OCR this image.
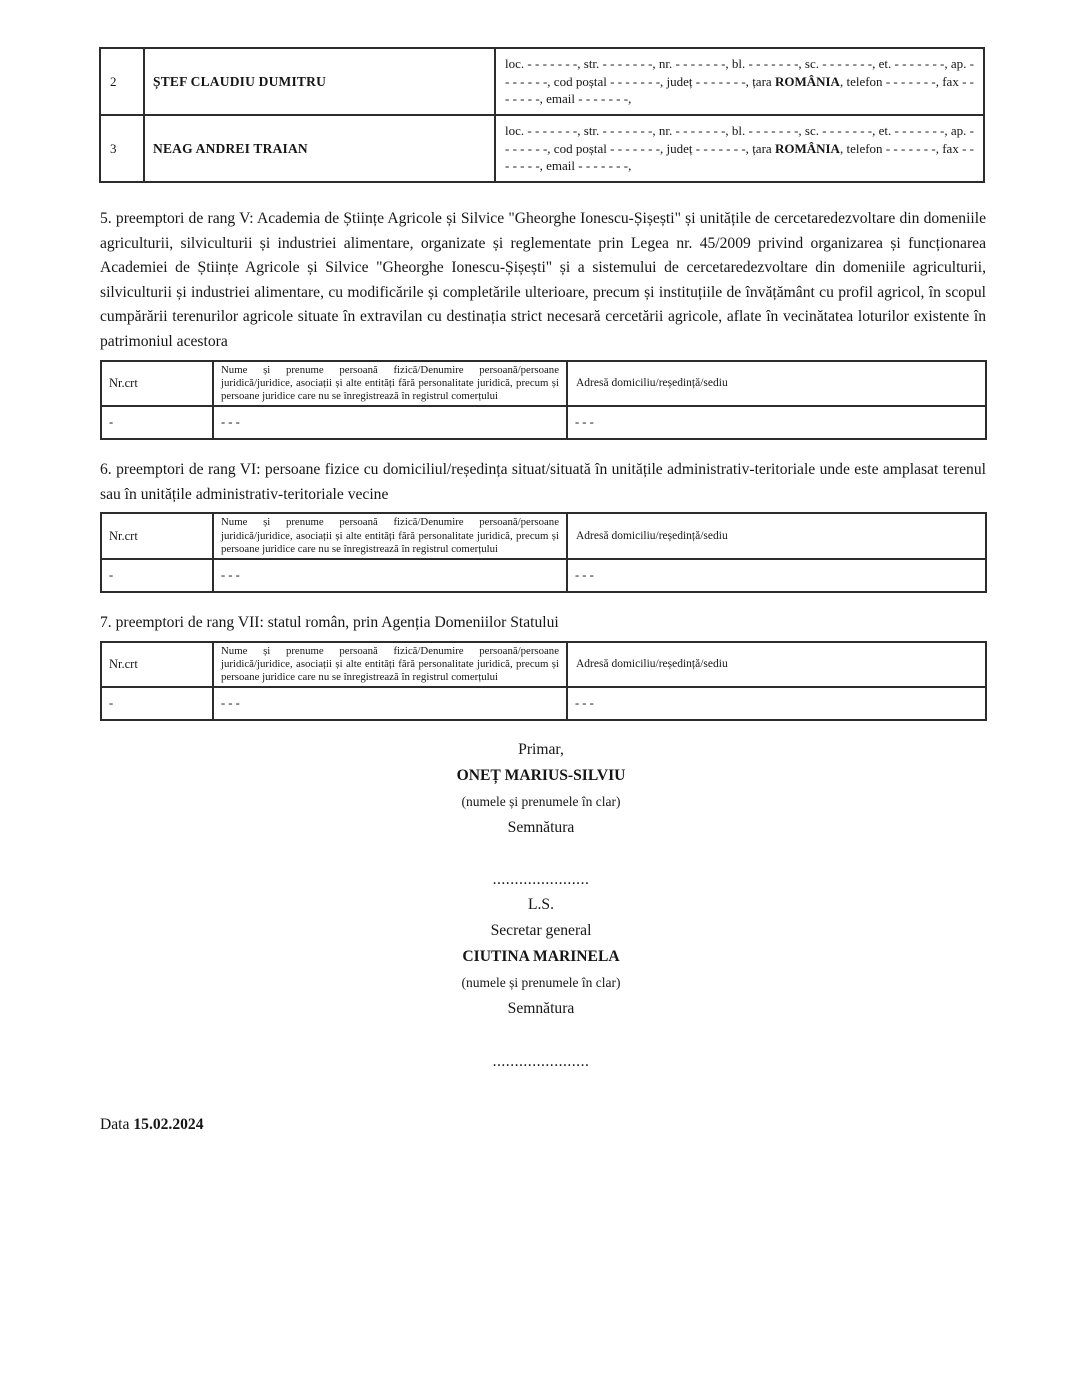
2	ȘTEF CLAUDIU DUMITRU	loc. - - - - - - -, str. - - - - - - -, nr. - - - - - - -, bl. - - - - - - -, sc. - - - - - - -, et. - - - - - - -, ap. - - - - - - -, cod poștal - - - - - - -, județ - - - - - - -, țara ROMÂNIA, telefon - - - - - - -, fax - - - - - - -, email - - - - - - -,
3	NEAG ANDREI TRAIAN	loc. - - - - - - -, str. - - - - - - -, nr. - - - - - - -, bl. - - - - - - -, sc. - - - - - - -, et. - - - - - - -, ap. - - - - - - -, cod poștal - - - - - - -, județ - - - - - - -, țara ROMÂNIA, telefon - - - - - - -, fax - - - - - - -, email - - - - - - -,

5. preemptori de rang V: Academia de Științe Agricole și Silvice "Gheorghe Ionescu-Șișești" și unitățile de cercetaredezvoltare din domeniile agriculturii, silviculturii și industriei alimentare, organizate și reglementate prin Legea nr. 45/2009 privind organizarea și funcționarea Academiei de Științe Agricole și Silvice "Gheorghe Ionescu-Șișești" și a sistemului de cercetaredezvoltare din domeniile agriculturii, silviculturii și industriei alimentare, cu modificările și completările ulterioare, precum și instituțiile de învățământ cu profil agricol, în scopul cumpărării terenurilor agricole situate în extravilan cu destinația strict necesară cercetării agricole, aflate în vecinătatea loturilor existente în patrimoniul acestora

Nr.crt	Nume și prenume persoană fizică/Denumire persoană/persoane juridică/juridice, asociații și alte entități fără personalitate juridică, precum și persoane juridice care nu se înregistrează în registrul comerțului	Adresă domiciliu/reședință/sediu
-	- - -	- - -

6. preemptori de rang VI: persoane fizice cu domiciliul/reședința situat/situată în unitățile administrativ-teritoriale unde este amplasat terenul sau în unitățile administrativ-teritoriale vecine

Nr.crt	Nume și prenume persoană fizică/Denumire persoană/persoane juridică/juridice, asociații și alte entități fără personalitate juridică, precum și persoane juridice care nu se înregistrează în registrul comerțului	Adresă domiciliu/reședință/sediu
-	- - -	- - -

7. preemptori de rang VII: statul român, prin Agenția Domeniilor Statului

Nr.crt	Nume și prenume persoană fizică/Denumire persoană/persoane juridică/juridice, asociații și alte entități fără personalitate juridică, precum și persoane juridice care nu se înregistrează în registrul comerțului	Adresă domiciliu/reședință/sediu
-	- - -	- - -
Primar,
ONEȚ MARIUS-SILVIU
(numele și prenumele în clar)
Semnătura
......................
L.S.
Secretar general
CIUTINA MARINELA
(numele și prenumele în clar)
Semnătura
......................
Data 15.02.2024
